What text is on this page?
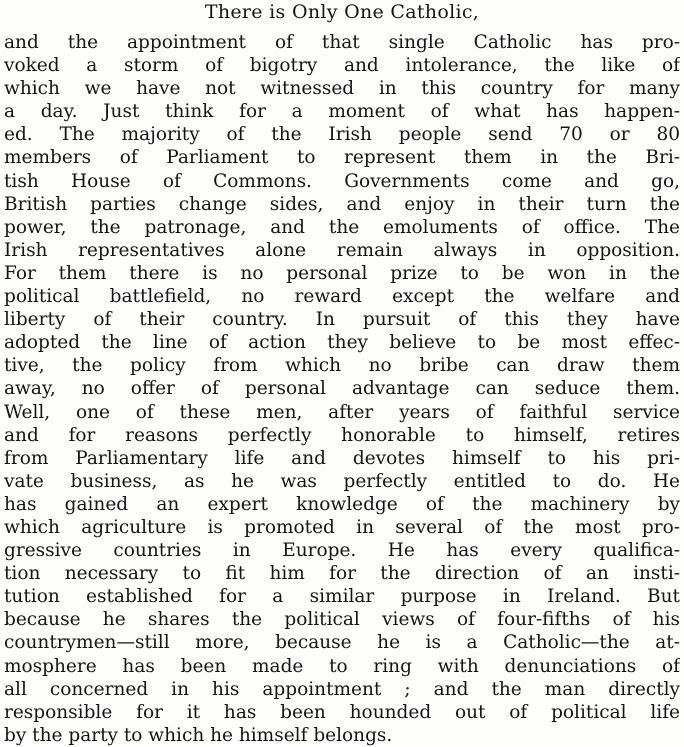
There is Only One Catholic,
and the appointment of that single Catholic has pro-
voked a storm of bigotry and intolerance, the like of
which we have not witnessed in this country for many
a day. Just think for a moment of what has happen-
ed. The majority of the Irish people send 70 or 80
members of Parliament to represent them in the Bri-
tish House of Commons. Governments come and go,
British parties change sides, and enjoy in their turn the
power, the patronage, and the emoluments of office. The
Irish representatives alone remain always in opposition.
For them there is no personal prize to be won in the
political battlefield, no reward except the welfare and
liberty of their country. In pursuit of this they have
adopted the line of action they believe to be most effec-
tive, the policy from which no bribe can draw them
away, no offer of personal advantage can seduce them.
Well, one of these men, after years of faithful service
and for reasons perfectly honorable to himself, retires
from Parliamentary life and devotes himself to his pri-
vate business, as he was perfectly entitled to do. He
has gained an expert knowledge of the machinery by
which agriculture is promoted in several of the most pro-
gressive countries in Europe. He has every qualifica-
tion necessary to fit him for the direction of an insti-
tution established for a similar purpose in Ireland. But
because he shares the political views of four-fifths of his
countrymen—still more, because he is a Catholic—the at-
mosphere has been made to ring with denunciations of
all concerned in his appointment ; and the man directly
responsible for it has been hounded out of political life
by the party to which he himself belongs.
